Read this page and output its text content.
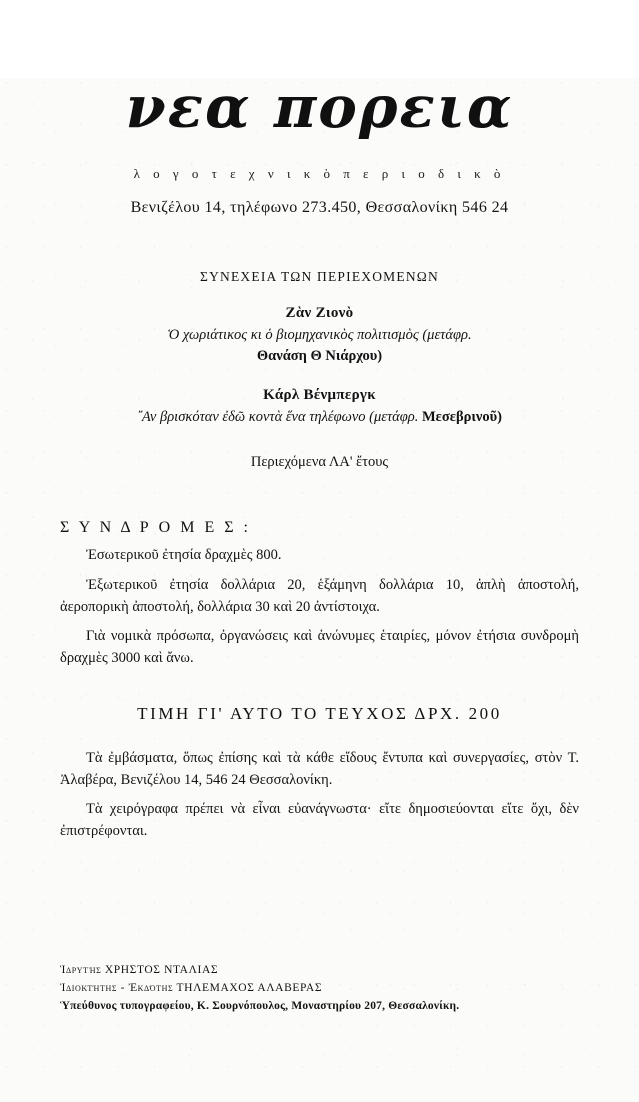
νεα πορεια
λ ο γ ο τ ε χ ν ι κ ὸ π ε ρ ι ο δ ι κ ὸ
Βενιζέλου 14, τηλέφωνο 273.450, Θεσσαλονίκη 546 24
ΣΥΝΕΧΕΙΑ ΤΩΝ ΠΕΡΙΕΧΟΜΕΝΩΝ
Ζὰν Ζιονὸ
Ὁ χωριάτικος κι ὁ βιομηχανικὸς πολιτισμὸς (μετάφρ.
Θανάση Θ Νιάρχου)
Κάρλ Βένμπεργκ
῎Αν βρισκόταν ἐδῶ κοντὰ ἕνα τηλέφωνο (μετάφρ. Μεσεβρινοῦ)
Περιεχόμενα ΛΑ' ἔτους
Σ Υ Ν Δ Ρ Ο Μ Ε Σ :
Ἐσωτερικοῦ ἐτησία δραχμὲς 800.
Ἐξωτερικοῦ ἐτησία δολλάρια 20, ἑξάμηνη δολλάρια 10, ἁπλὴ ἀποστολή, ἀεροπορικὴ ἀποστολή, δολλάρια 30 καὶ 20 ἀντίστοιχα.
Γιὰ νομικὰ πρόσωπα, ὀργανώσεις καὶ ἀνώνυμες ἑταιρίες, μόνον ἐτήσια συνδρομὴ δραχμὲς 3000 καὶ ἄνω.
ΤΙΜΗ ΓΙ' ΑΥΤΟ ΤΟ ΤΕΥΧΟΣ ΔΡΧ. 200
Τὰ ἐμβάσματα, ὅπως ἐπίσης καὶ τὰ κάθε εἴδους ἔντυπα καὶ συνεργασίες, στὸν Τ. Ἀλαβέρα, Βενιζέλου 14, 546 24 Θεσσαλονίκη.
Τὰ χειρόγραφα πρέπει νὰ εἶναι εὐανάγνωστα· εἴτε δημοσιεύονται εἴτε ὄχι, δὲν ἐπιστρέφονται.
Ἱδρυτὴς ΧΡΗΣΤΟΣ ΝΤΑΛΙΑΣ
Ἰδιοκτήτης - Ἐκδότης ΤΗΛΕΜΑΧΟΣ ΑΛΑΒΕΡΑΣ
Ὑπεύθυνος τυπογραφείου, Κ. Σουρνόπουλος, Μοναστηρίου 207, Θεσσαλονίκη.
